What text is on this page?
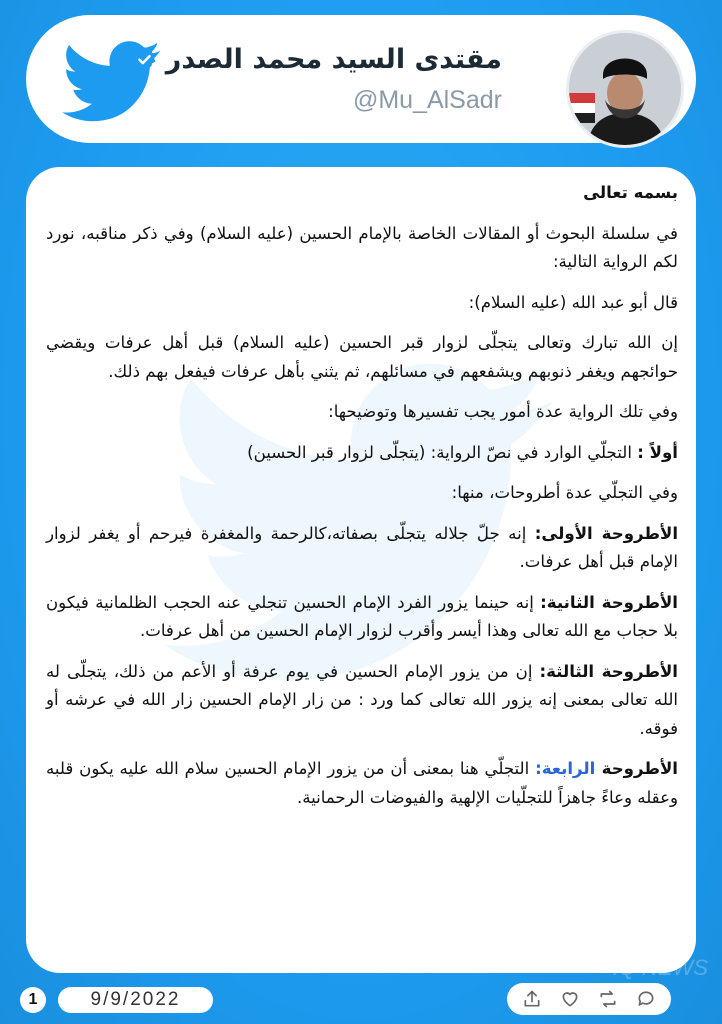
مقتدى السيد محمد الصدر
@Mu_AlSadr

بسمه تعالى

في سلسلة البحوث أو المقالات الخاصة بالإمام الحسين (عليه السلام) وفي ذكر مناقبه، نورد لكم الرواية التالية:

قال أبو عبد الله (عليه السلام):

إن الله تبارك وتعالى يتجلّى لزوار قبر الحسين (عليه السلام) قبل أهل عرفات ويقضي حوائجهم ويغفر ذنوبهم ويشفعهم في مسائلهم، ثم يثني بأهل عرفات فيفعل بهم ذلك.

وفي تلك الرواية عدة أمور يجب تفسيرها وتوضيحها:

أولاً : التجلّي الوارد في نصّ الرواية: (يتجلّى لزوار قبر الحسين)

وفي التجلّي عدة أطروحات، منها:

الأطروحة الأولى: إنه جلّ جلاله يتجلّى بصفاته،كالرحمة والمغفرة فيرحم أو يغفر لزوار الإمام قبل أهل عرفات.

الأطروحة الثانية: إنه حينما يزور الفرد الإمام الحسين تنجلي عنه الحجب الظلمانية فيكون بلا حجاب مع الله تعالى وهذا أيسر وأقرب لزوار الإمام الحسين من أهل عرفات.

الأطروحة الثالثة: إن من يزور الإمام الحسين في يوم عرفة أو الأعم من ذلك، يتجلّى له الله تعالى بمعنى إنه يزور الله تعالى كما ورد : من زار الإمام الحسين زار الله في عرشه أو فوقه.

الأطروحة الرابعة: التجلّي هنا بمعنى أن من يزور الإمام الحسين سلام الله عليه يكون قلبه وعقله وعاءً جاهزاً للتجلّيات الإلهية والفيوضات الرحمانية.

IQ NEWS
1	9/9/2022
